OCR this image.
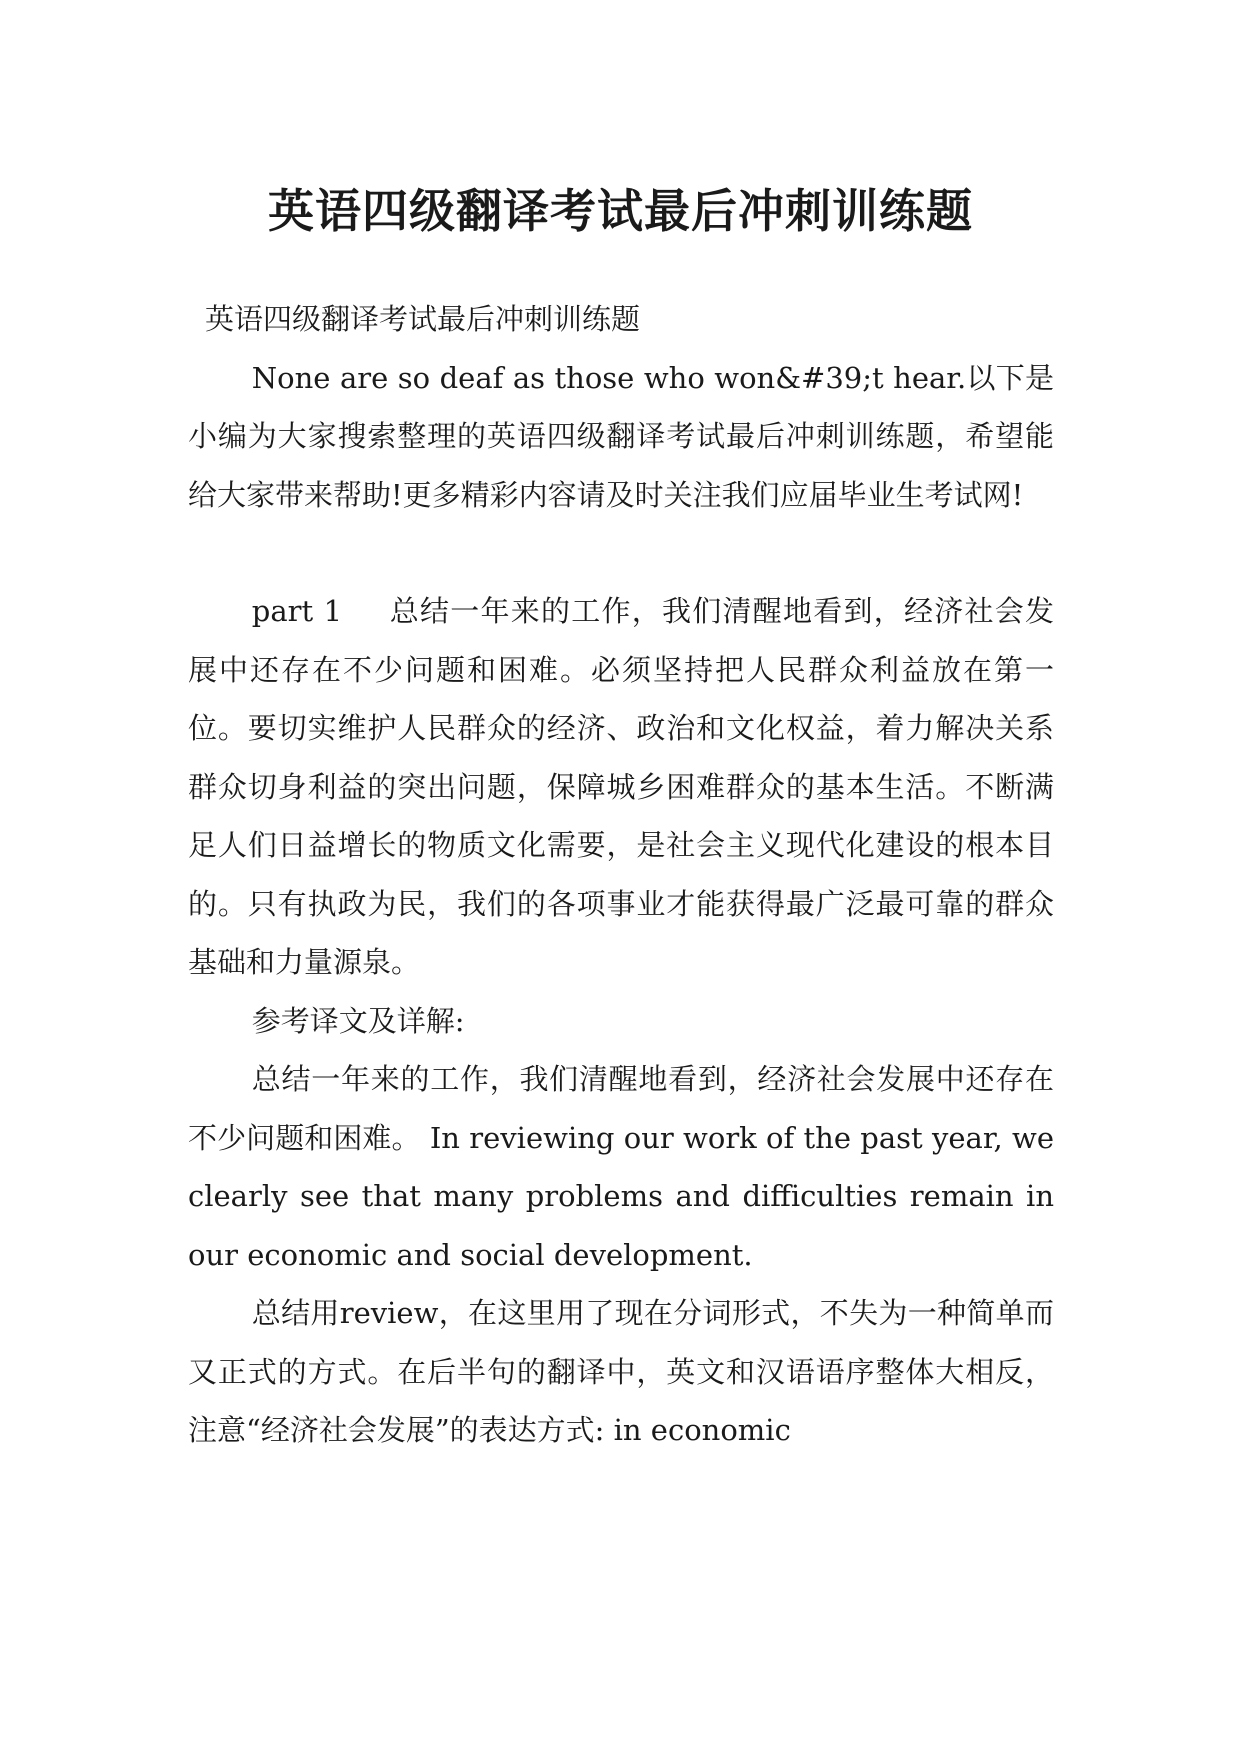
英语四级翻译考试最后冲刺训练题

英语四级翻译考试最后冲刺训练题

None are so deaf as those who won&#39;t hear.以下是小编为大家搜索整理的英语四级翻译考试最后冲刺训练题，希望能给大家带来帮助!更多精彩内容请及时关注我们应届毕业生考试网!

part 1 总结一年来的工作，我们清醒地看到，经济社会发展中还存在不少问题和困难。必须坚持把人民群众利益放在第一位。要切实维护人民群众的经济、政治和文化权益，着力解决关系群众切身利益的突出问题，保障城乡困难群众的基本生活。不断满足人们日益增长的物质文化需要，是社会主义现代化建设的根本目的。只有执政为民，我们的各项事业才能获得最广泛最可靠的群众基础和力量源泉。

参考译文及详解:

总结一年来的工作，我们清醒地看到，经济社会发展中还存在不少问题和困难。 In reviewing our work of the past year, we clearly see that many problems and difficulties remain in our economic and social development.

总结用review，在这里用了现在分词形式，不失为一种简单而又正式的方式。在后半句的翻译中，英文和汉语语序整体大相反，注意“经济社会发展”的表达方式: in economic
